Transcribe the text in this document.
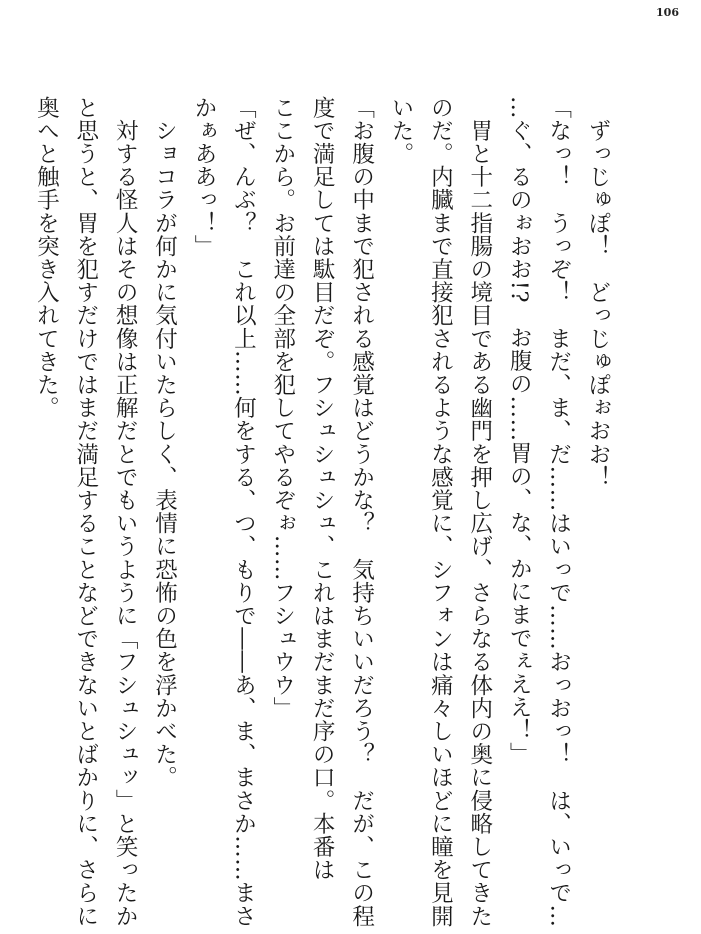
106

　ずっじゅぽ！　どっじゅぽぉおお！

「なっ！　うっぞ！　まだ、ま、だ……はいっで……おっおっ！　は、いっで…

…ぐ、るのぉおお!?　お腹の……胃の、な、かにまでぇええ！」

　胃と十二指腸の境目である幽門を押し広げ、さらなる体内の奥に侵略してきた

のだ。内臓まで直接犯されるような感覚に、シフォンは痛々しいほどに瞳を見開

いた。

「お腹の中まで犯される感覚はどうかな？　気持ちいいだろう？　だが、この程

度で満足しては駄目だぞ。フシュシュシュ、これはまだまだ序の口。本番は

ここから。お前達の全部を犯してやるぞぉ……フシュウウ」

「ぜ、んぶ？　これ以上……何をする、つ、もりで――あ、ま、まさか……まさ

かぁああっ！」

　ショコラが何かに気付いたらしく、表情に恐怖の色を浮かべた。

　対する怪人はその想像は正解だとでもいうように「フシュシュッ」と笑ったか

と思うと、胃を犯すだけではまだ満足することなどできないとばかりに、さらに

奥へと触手を突き入れてきた。
